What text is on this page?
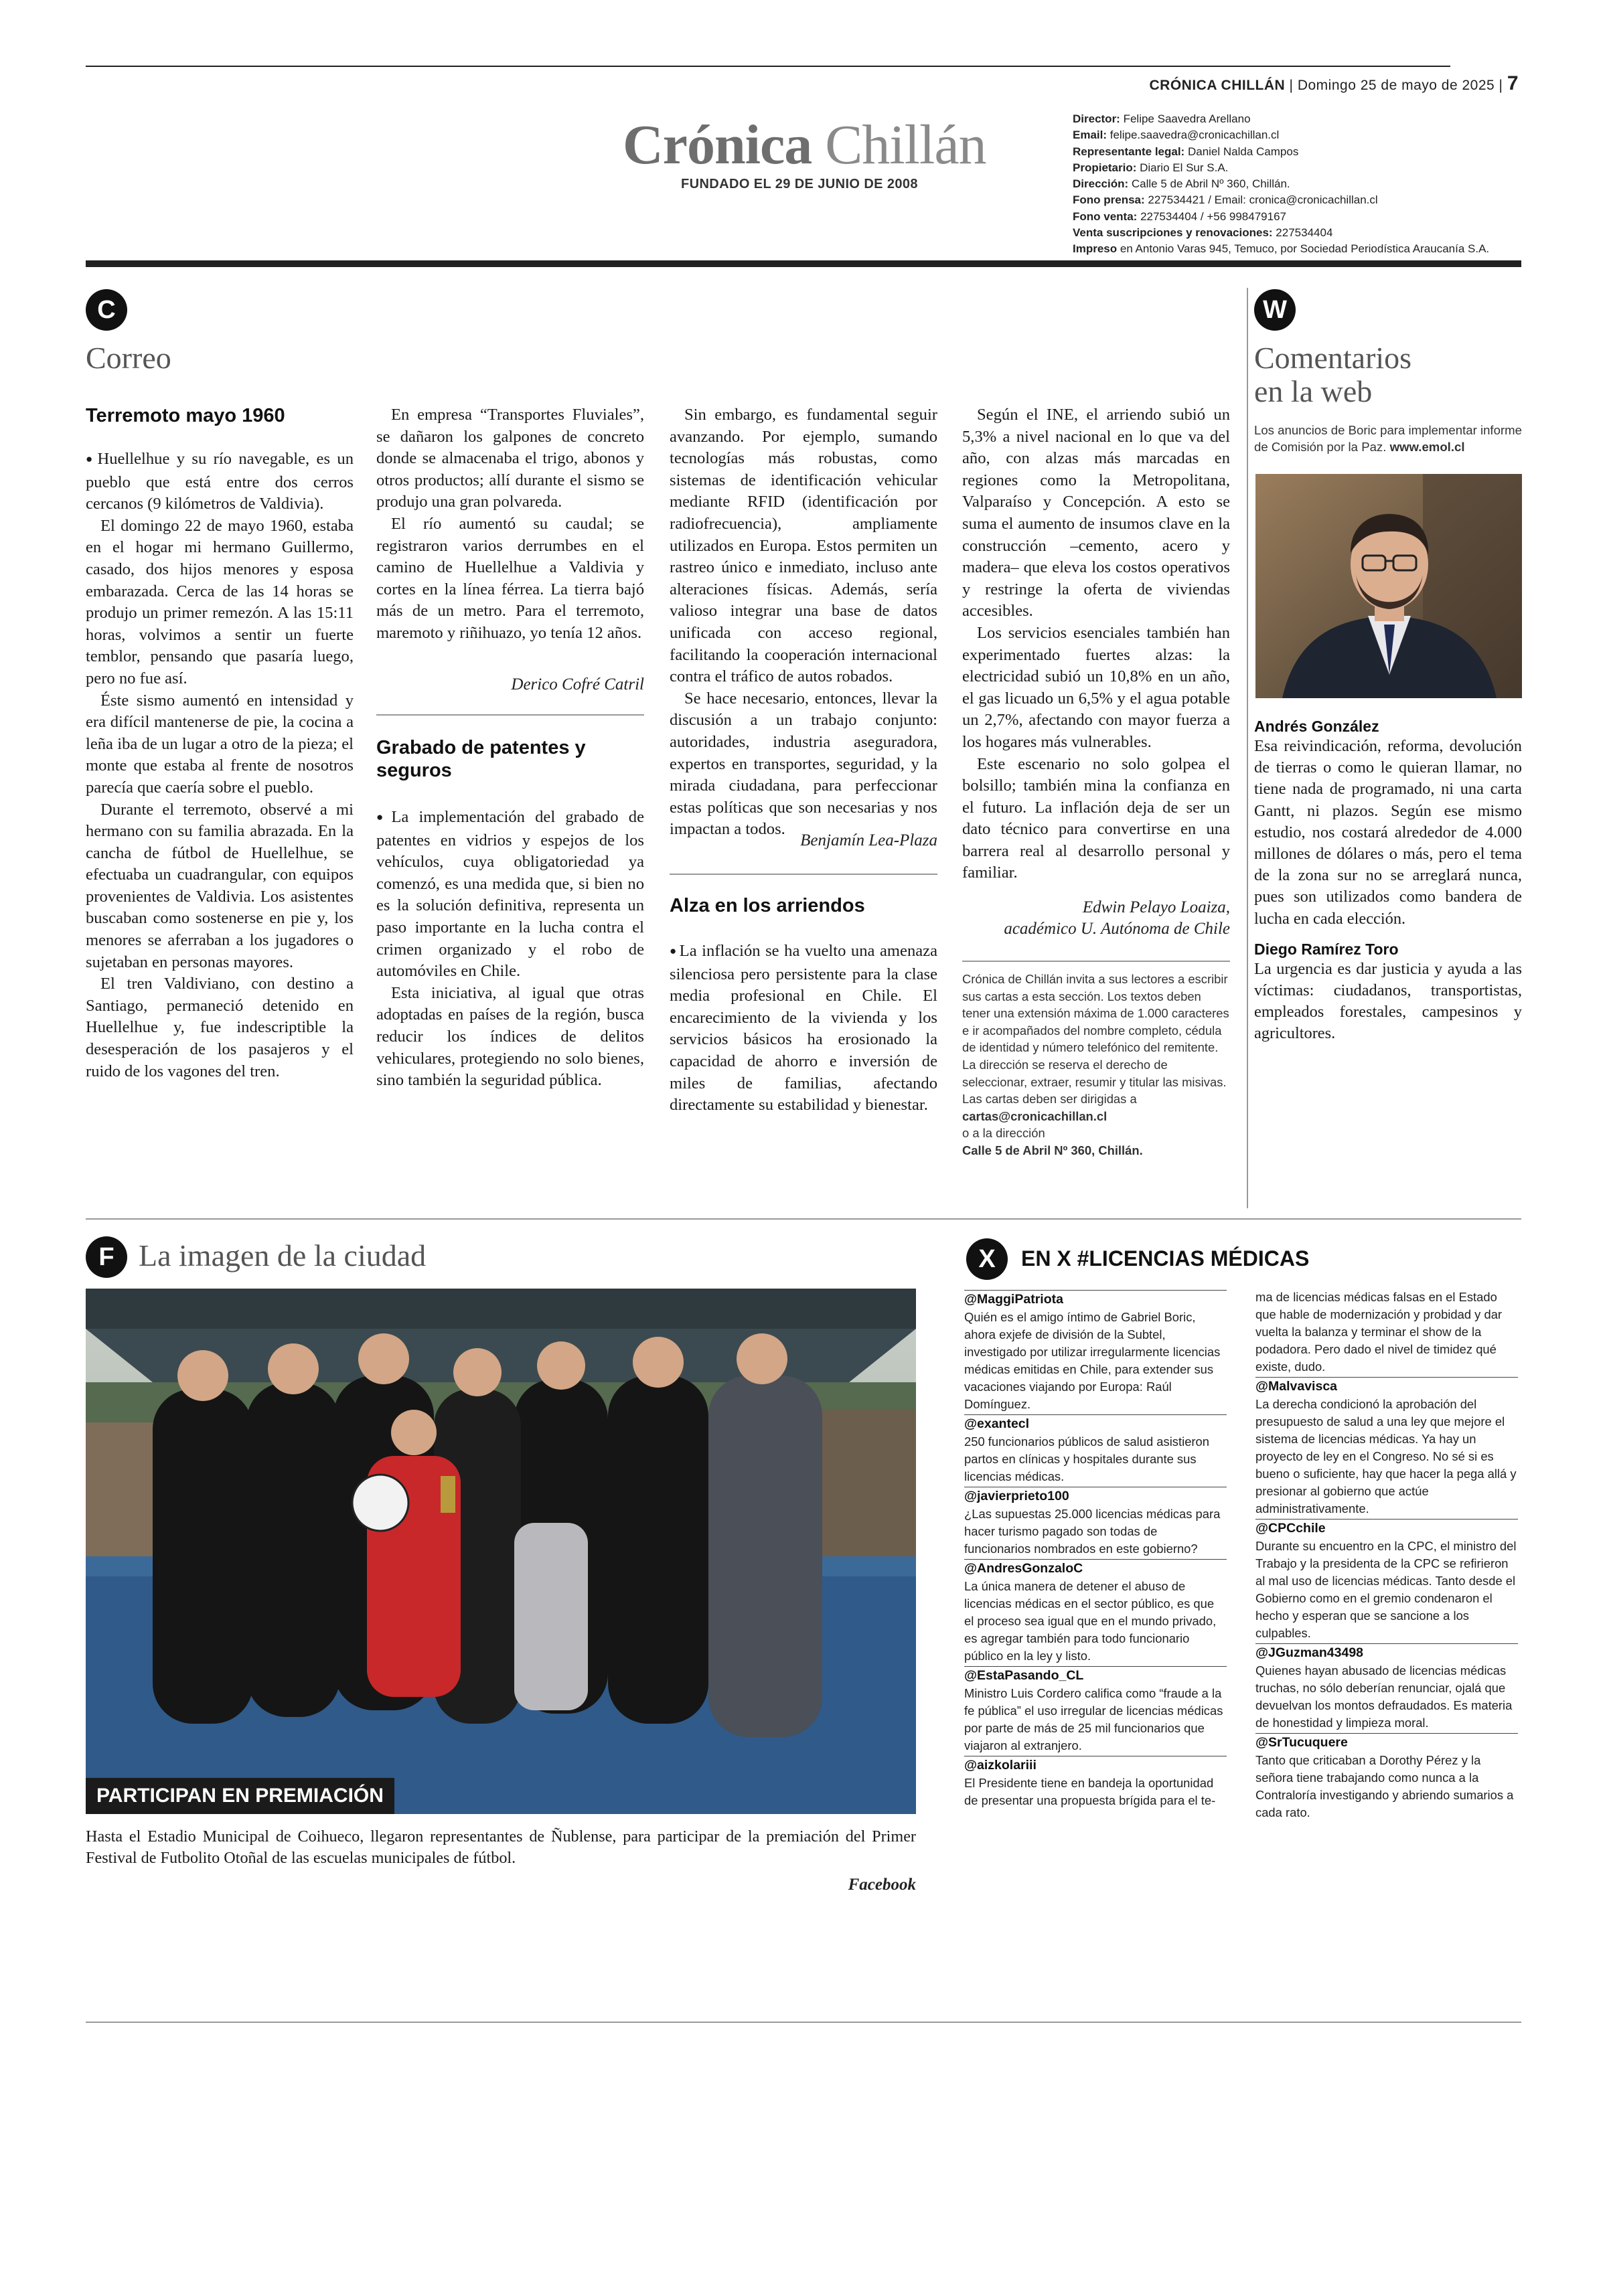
CRÓNICA CHILLÁN | Domingo 25 de mayo de 2025 | 7
Crónica Chillán
FUNDADO EL 29 DE JUNIO DE 2008
Director: Felipe Saavedra Arellano
Email: felipe.saavedra@cronicachillan.cl
Representante legal: Daniel Nalda Campos
Propietario: Diario El Sur S.A.
Dirección: Calle 5 de Abril Nº 360, Chillán.
Fono prensa: 227534421 / Email: cronica@cronicachillan.cl
Fono venta: 227534404 / +56 998479167
Venta suscripciones y renovaciones: 227534404
Impreso en Antonio Varas 945, Temuco, por Sociedad Periodística Araucanía S.A.
C
Correo
Terremoto mayo 1960

● Huellelhue y su río navegable, es un pueblo que está entre dos cerros cercanos (9 kilómetros de Valdivia).

El domingo 22 de mayo 1960, estaba en el hogar mi hermano Guillermo, casado, dos hijos menores y esposa embarazada. Cerca de las 14 horas se produjo un primer remezón. A las 15:11 horas, volvimos a sentir un fuerte temblor, pensando que pasaría luego, pero no fue así.

Éste sismo aumentó en intensidad y era difícil mantenerse de pie, la cocina a leña iba de un lugar a otro de la pieza; el monte que estaba al frente de nosotros parecía que caería sobre el pueblo.

Durante el terremoto, observé a mi hermano con su familia abrazada. En la cancha de fútbol de Huellelhue, se efectuaba un cuadrangular, con equipos provenientes de Valdivia. Los asistentes buscaban como sostenerse en pie y, los menores se aferraban a los jugadores o sujetaban en personas mayores.

El tren Valdiviano, con destino a Santiago, permaneció detenido en Huellelhue y, fue indescriptible la desesperación de los pasajeros y el ruido de los vagones del tren.

En empresa “Transportes Fluviales”, se dañaron los galpones de concreto donde se almacenaba el trigo, abonos y otros productos; allí durante el sismo se produjo una gran polvareda.

El río aumentó su caudal; se registraron varios derrumbes en el camino de Huellelhue a Valdivia y cortes en la línea férrea. La tierra bajó más de un metro. Para el terremoto, maremoto y riñihuazo, yo tenía 12 años.

Derico Cofré Catril
Grabado de patentes y seguros

● La implementación del grabado de patentes en vidrios y espejos de los vehículos, cuya obligatoriedad ya comenzó, es una medida que, si bien no es la solución definitiva, representa un paso importante en la lucha contra el crimen organizado y el robo de automóviles en Chile.

Esta iniciativa, al igual que otras adoptadas en países de la región, busca reducir los índices de delitos vehiculares, protegiendo no solo bienes, sino también la seguridad pública.

Sin embargo, es fundamental seguir avanzando. Por ejemplo, sumando tecnologías más robustas, como sistemas de identificación vehicular mediante RFID (identificación por radiofrecuencia), ampliamente utilizados en Europa. Estos permiten un rastreo único e inmediato, incluso ante alteraciones físicas. Además, sería valioso integrar una base de datos unificada con acceso regional, facilitando la cooperación internacional contra el tráfico de autos robados.

Se hace necesario, entonces, llevar la discusión a un trabajo conjunto: autoridades, industria aseguradora, expertos en transportes, seguridad, y la mirada ciudadana, para perfeccionar estas políticas que son necesarias y nos impactan a todos.

Benjamín Lea-Plaza
Alza en los arriendos

● La inflación se ha vuelto una amenaza silenciosa pero persistente para la clase media profesional en Chile. El encarecimiento de la vivienda y los servicios básicos ha erosionado la capacidad de ahorro e inversión de miles de familias, afectando directamente su estabilidad y bienestar.

Según el INE, el arriendo subió un 5,3% a nivel nacional en lo que va del año, con alzas más marcadas en regiones como la Metropolitana, Valparaíso y Concepción. A esto se suma el aumento de insumos clave en la construcción –cemento, acero y madera– que eleva los costos operativos y restringe la oferta de viviendas accesibles.

Los servicios esenciales también han experimentado fuertes alzas: la electricidad subió un 10,8% en un año, el gas licuado un 6,5% y el agua potable un 2,7%, afectando con mayor fuerza a los hogares más vulnerables.

Este escenario no solo golpea el bolsillo; también mina la confianza en el futuro. La inflación deja de ser un dato técnico para convertirse en una barrera real al desarrollo personal y familiar.

Edwin Pelayo Loaiza,
académico U. Autónoma de Chile
Crónica de Chillán invita a sus lectores a escribir sus cartas a esta sección. Los textos deben tener una extensión máxima de 1.000 caracteres e ir acompañados del nombre completo, cédula de identidad y número telefónico del remitente. La dirección se reserva el derecho de seleccionar, extraer, resumir y titular las misivas. Las cartas deben ser dirigidas a
cartas@cronicachillan.cl
o a la dirección
Calle 5 de Abril Nº 360, Chillán.
W
Comentarios
en la web
Los anuncios de Boric para implementar informe de Comisión por la Paz. www.emol.cl
Andrés González
Esa reivindicación, reforma, devolución de tierras o como le quieran llamar, no tiene nada de programado, ni una carta Gantt, ni plazos. Según ese mismo estudio, nos costará alrededor de 4.000 millones de dólares o más, pero el tema de la zona sur no se arreglará nunca, pues son utilizados como bandera de lucha en cada elección.
Diego Ramírez Toro
La urgencia es dar justicia y ayuda a las víctimas: ciudadanos, transportistas, empleados forestales, campesinos y agricultores.
F La imagen de la ciudad
PARTICIPAN EN PREMIACIÓN
Hasta el Estadio Municipal de Coihueco, llegaron representantes de Ñublense, para participar de la premiación del Primer Festival de Futbolito Otoñal de las escuelas municipales de fútbol.
Facebook
X	EN X #LICENCIAS MÉDICAS
@MaggiPatriota
Quién es el amigo íntimo de Gabriel Boric, ahora exjefe de división de la Subtel, investigado por utilizar irregularmente licencias médicas emitidas en Chile, para extender sus vacaciones viajando por Europa: Raúl Domínguez.
@exantecl
250 funcionarios públicos de salud asistieron partos en clínicas y hospitales durante sus licencias médicas.
@javierprieto100
¿Las supuestas 25.000 licencias médicas para hacer turismo pagado son todas de funcionarios nombrados en este gobierno?
@AndresGonzaloC
La única manera de detener el abuso de licencias médicas en el sector público, es que el proceso sea igual que en el mundo privado, es agregar también para todo funcionario público en la ley y listo.
@EstaPasando_CL
Ministro Luis Cordero califica como “fraude a la fe pública” el uso irregular de licencias médicas por parte de más de 25 mil funcionarios que viajaron al extranjero.
@aizkolariii
El Presidente tiene en bandeja la oportunidad de presentar una propuesta brígida para el te-
ma de licencias médicas falsas en el Estado que hable de modernización y probidad y dar vuelta la balanza y terminar el show de la podadora. Pero dado el nivel de timidez qué existe, dudo.
@Malvavisca
La derecha condicionó la aprobación del presupuesto de salud a una ley que mejore el sistema de licencias médicas. Ya hay un proyecto de ley en el Congreso. No sé si es bueno o suficiente, hay que hacer la pega allá y presionar al gobierno que actúe administrativamente.
@CPCchile
Durante su encuentro en la CPC, el ministro del Trabajo y la presidenta de la CPC se refirieron al mal uso de licencias médicas. Tanto desde el Gobierno como en el gremio condenaron el hecho y esperan que se sancione a los culpables.
@JGuzman43498
Quienes hayan abusado de licencias médicas truchas, no sólo deberían renunciar, ojalá que devuelvan los montos defraudados. Es materia de honestidad y limpieza moral.
@SrTucuquere
Tanto que criticaban a Dorothy Pérez y la señora tiene trabajando como nunca a la Contraloría investigando y abriendo sumarios a cada rato.
